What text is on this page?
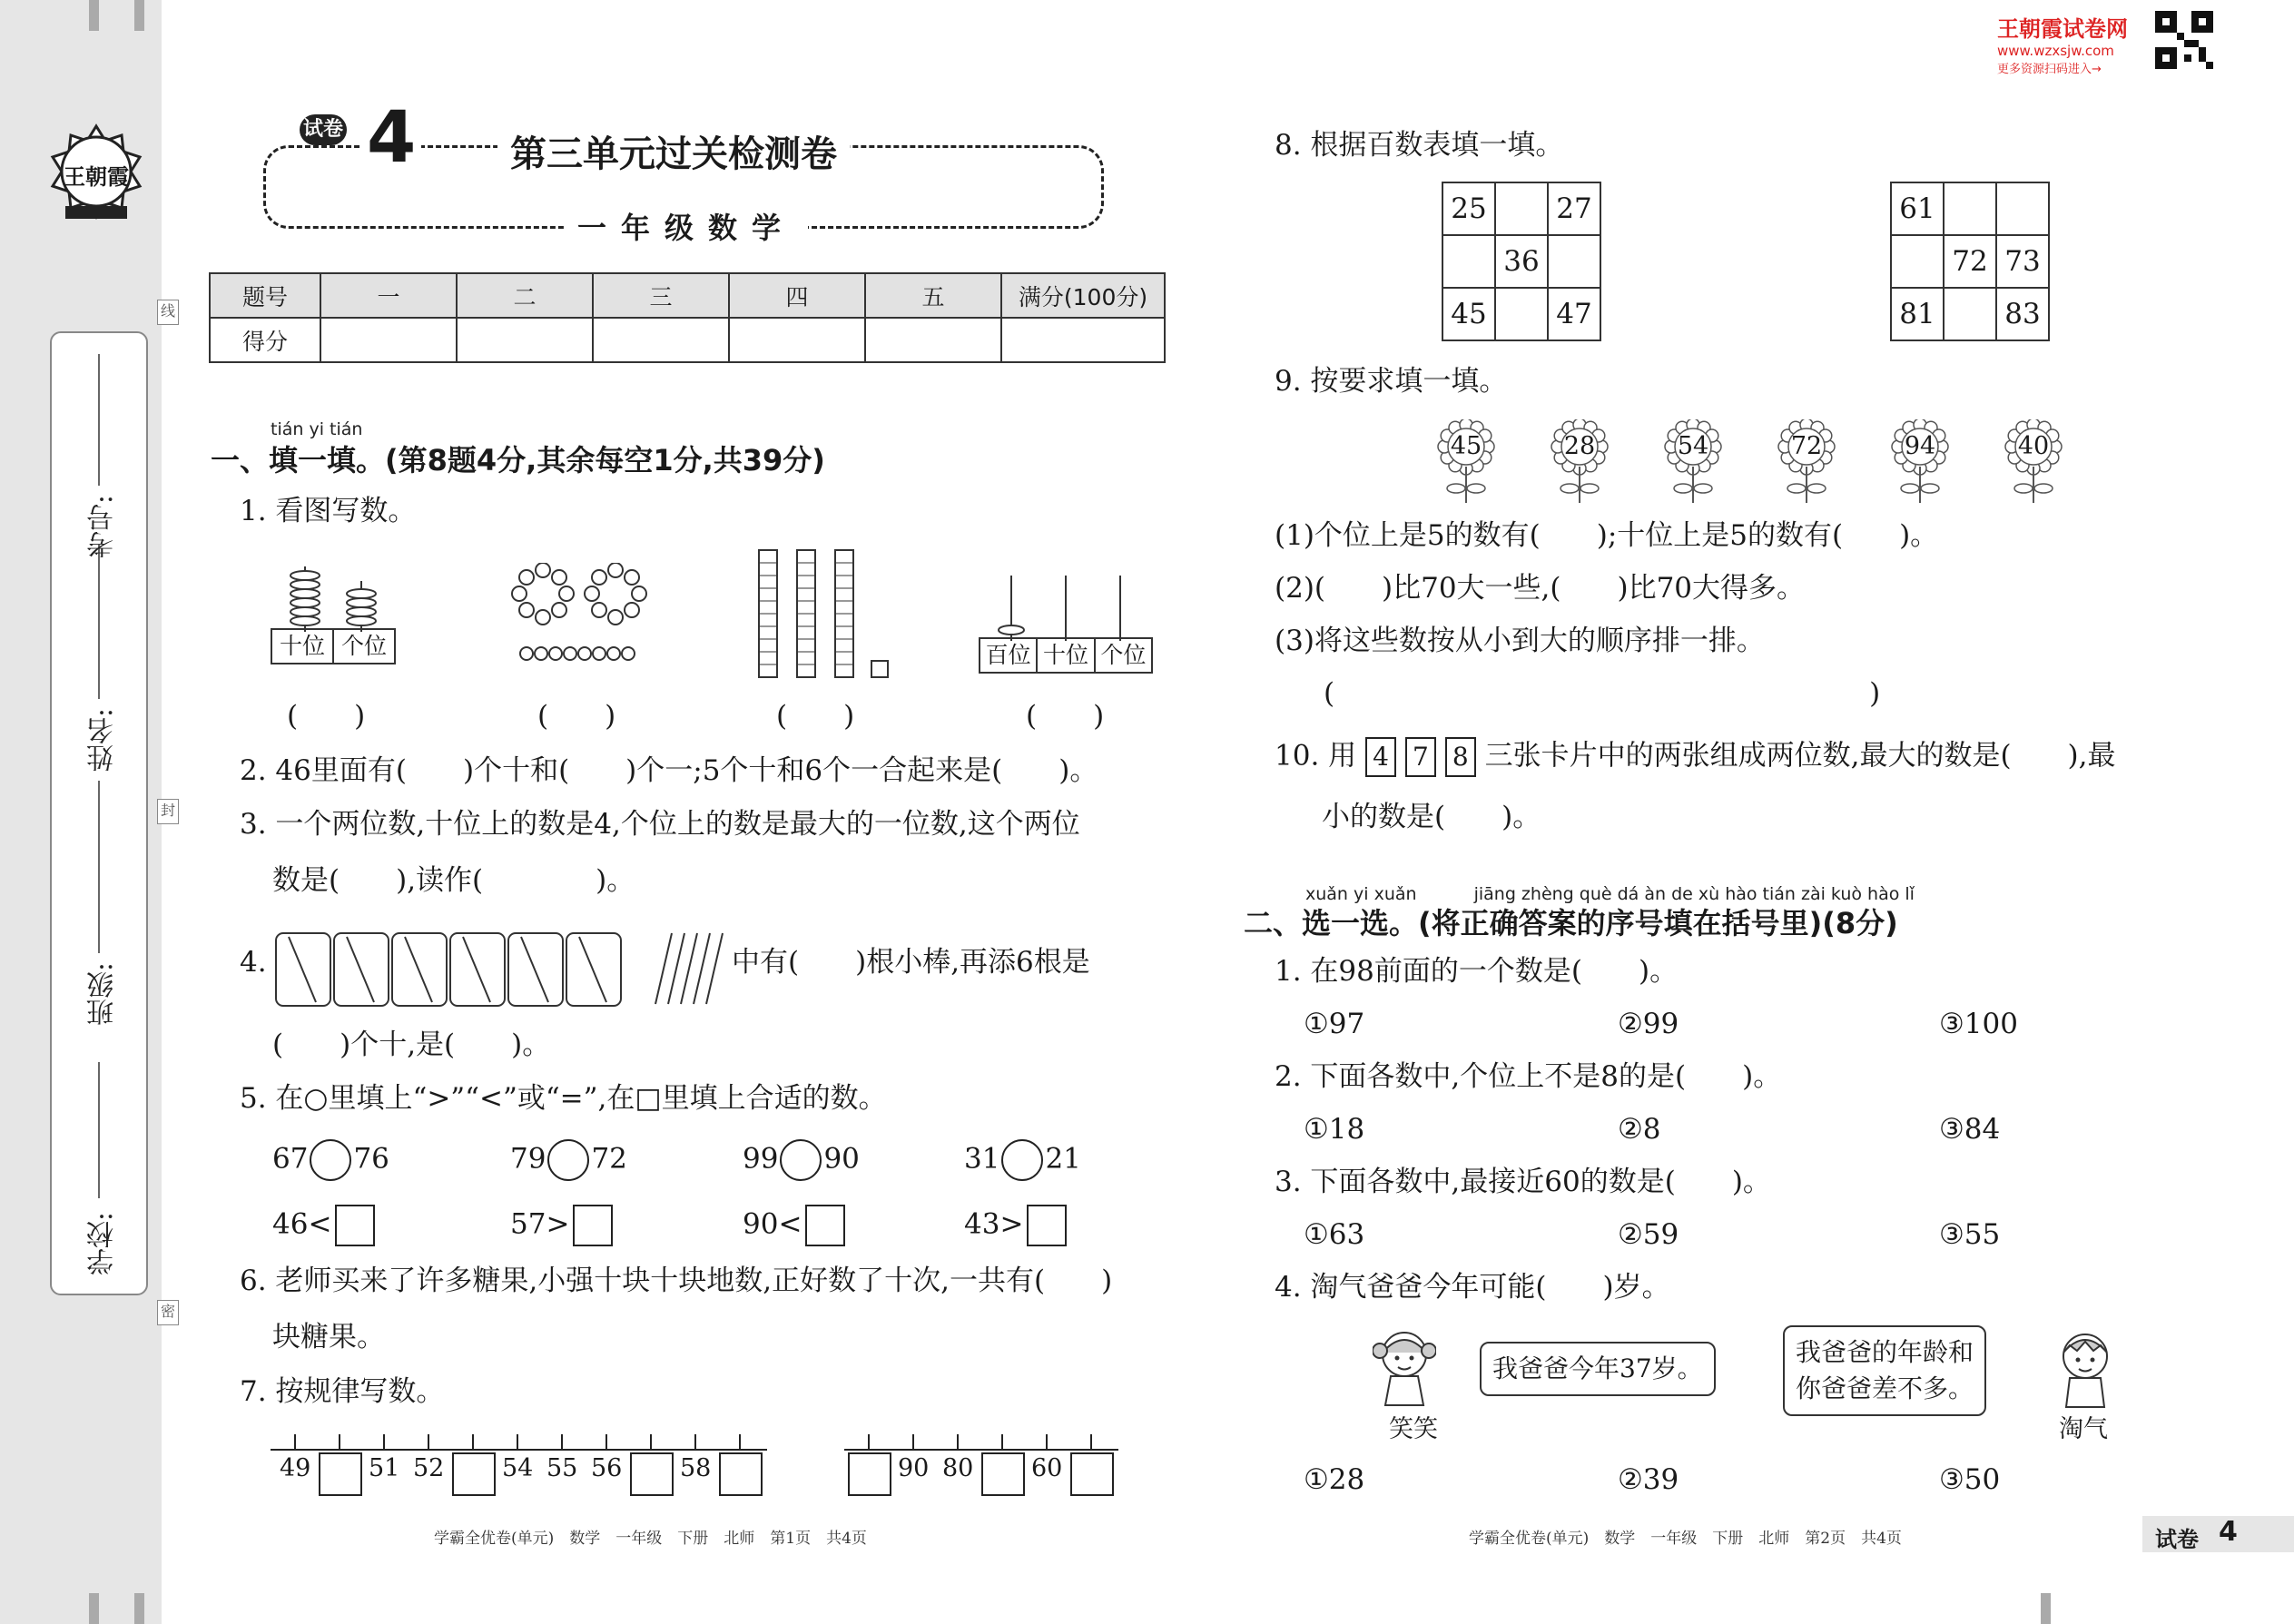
王朝霞
学校:
班级:
姓名:
考号:
线
封
密
试卷 4	第三单元过关检测卷
一年级数学
题号	一	二	三	四	五	满分(100分)
得分						
tián yi tián
一、填一填。(第8题4分,其余每空1分,共39分)
1. 看图写数。
十位 个位	百位 十位 个位
(　　)	(　　)	(　　)	(　　)
2. 46里面有(　　)个十和(　　)个一;5个十和6个一合起来是(　　)。
3. 一个两位数,十位上的数是4,个位上的数是最大的一位数,这个两位
数是(　　),读作(　　　　)。
4.	中有(　　)根小棒,再添6根是
(　　)个十,是(　　)。
5. 在○里填上“>”“<”或“=”,在□里填上合适的数。
67 76	79 72	99 90	31 21
46<	57>	90<	43>
6. 老师买来了许多糖果,小强十块十块地数,正好数了十次,一共有(　　)
块糖果。
7. 按规律写数。
49 51 52 54 55 56 58	90 80 60
学霸全优卷(单元)　数学　一年级　下册　北师　第1页　共4页
王朝霞试卷网
www.wzxsjw.com
更多资源扫码进入→
8. 根据百数表填一填。
25		27
	36	
45		47
61		
	72	73
81		83
9. 按要求填一填。
45	28	54	72	94	40
(1)个位上是5的数有(　　);十位上是5的数有(　　)。
(2)(　　)比70大一些,(　　)比70大得多。
(3)将这些数按从小到大的顺序排一排。
(　　　　　　　　　　　　　　　　　　　)
10. 用 4 7 8 三张卡片中的两张组成两位数,最大的数是(　　),最
小的数是(　　)。
xuǎn yi xuǎn　　　 jiāng zhèng què dá àn de xù hào tián zài kuò hào lǐ
二、选一选。(将正确答案的序号填在括号里)(8分)
1. 在98前面的一个数是(　　)。
①97	②99	③100
2. 下面各数中,个位上不是8的是(　　)。
①18	②8	③84
3. 下面各数中,最接近60的数是(　　)。
①63	②59	③55
4. 淘气爸爸今年可能(　　)岁。
笑笑
我爸爸今年37岁。
我爸爸的年龄和
你爸爸差不多。
淘气
①28	②39	③50
学霸全优卷(单元)　数学　一年级　下册　北师　第2页　共4页	试卷 4
